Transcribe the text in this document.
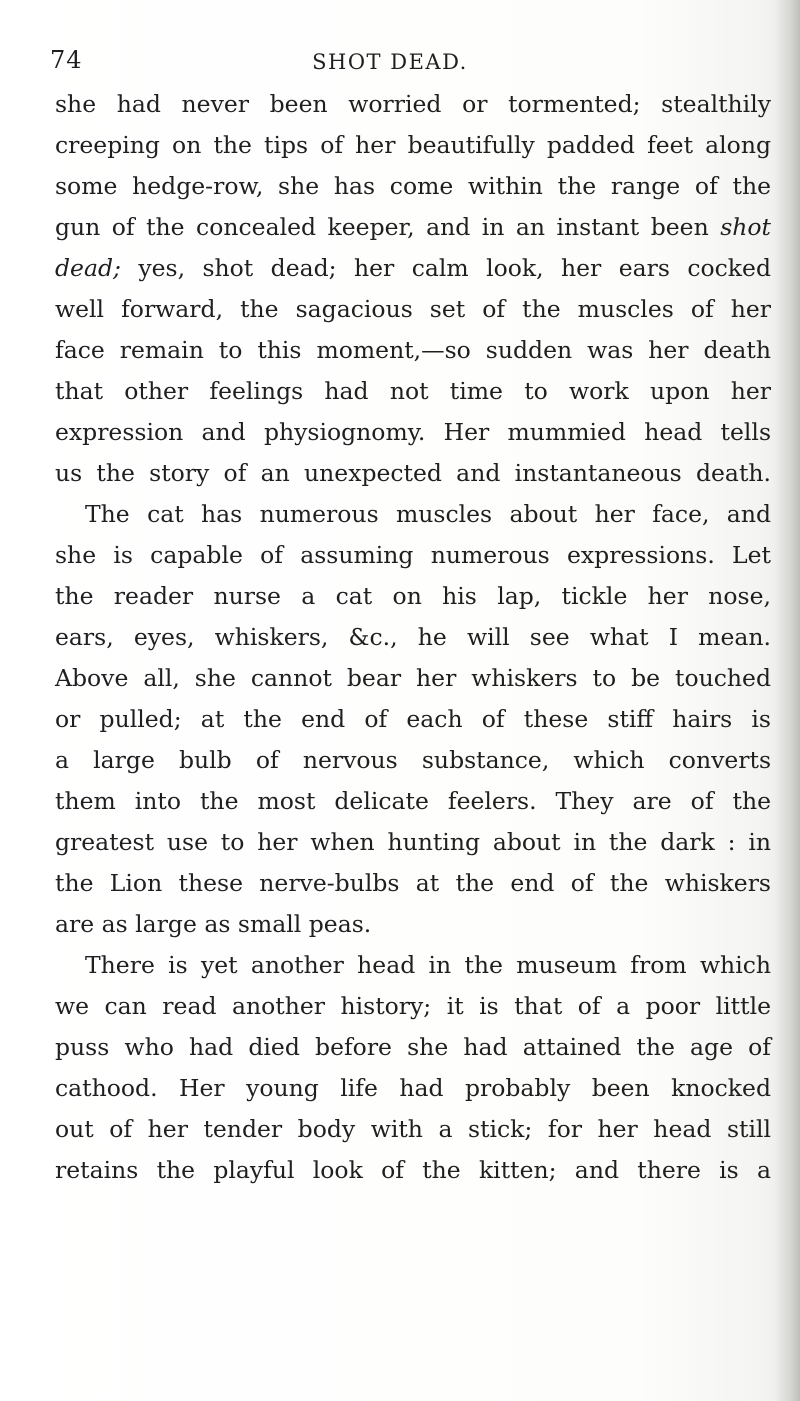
74	SHOT DEAD.
she had never been worried or tormented; stealthily
creeping on the tips of her beautifully padded feet along
some hedge-row, she has come within the range of the
gun of the concealed keeper, and in an instant been shot
dead; yes, shot dead; her calm look, her ears cocked
well forward, the sagacious set of the muscles of her
face remain to this moment,—so sudden was her death
that other feelings had not time to work upon her
expression and physiognomy. Her mummied head tells
us the story of an unexpected and instantaneous death.
The cat has numerous muscles about her face, and
she is capable of assuming numerous expressions. Let
the reader nurse a cat on his lap, tickle her nose,
ears, eyes, whiskers, &c., he will see what I mean.
Above all, she cannot bear her whiskers to be touched
or pulled; at the end of each of these stiff hairs is
a large bulb of nervous substance, which converts
them into the most delicate feelers. They are of the
greatest use to her when hunting about in the dark : in
the Lion these nerve-bulbs at the end of the whiskers
are as large as small peas.
There is yet another head in the museum from which
we can read another history; it is that of a poor little
puss who had died before she had attained the age of
cathood. Her young life had probably been knocked
out of her tender body with a stick; for her head still
retains the playful look of the kitten; and there is a
